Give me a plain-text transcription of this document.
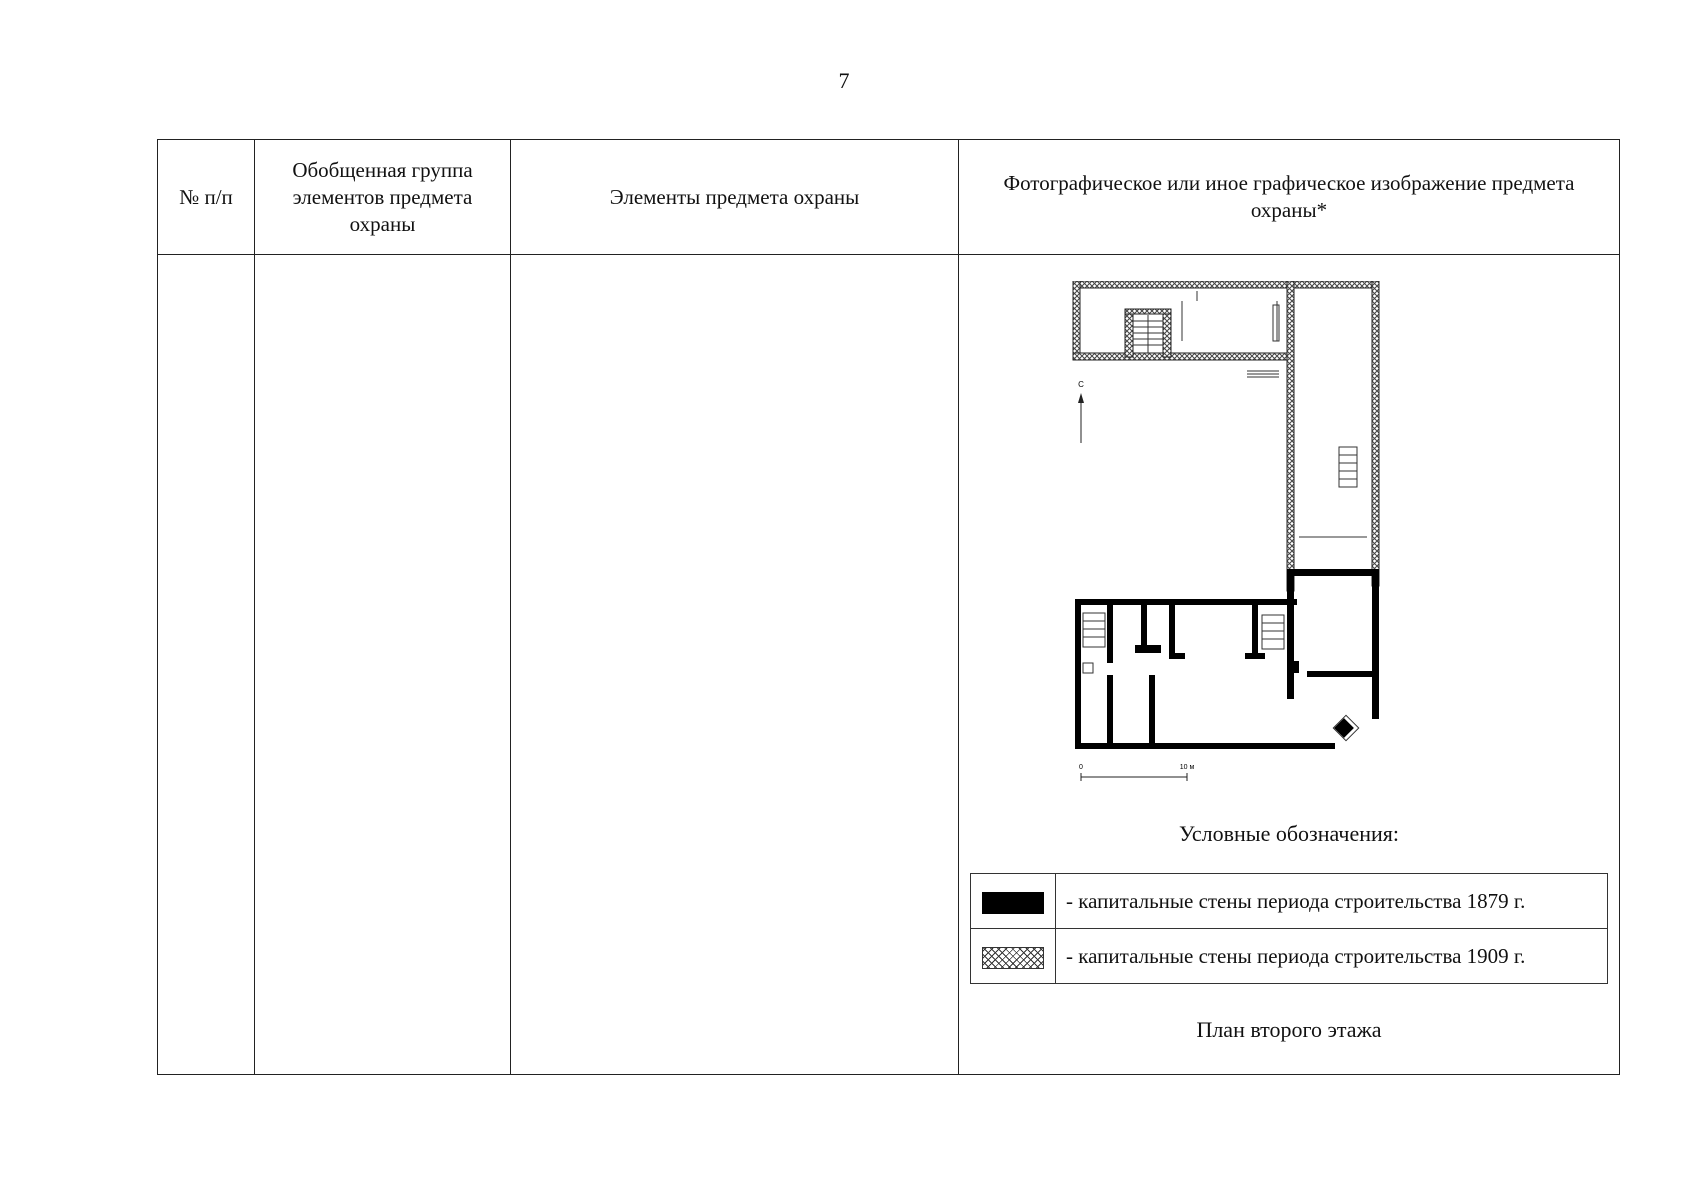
7
№ п/п	Обобщенная группа элементов предмета охраны	Элементы предмета охраны	Фотографическое или иное графическое изображение предмета охраны*

С
0	10 м
Условные обозначения:
	- капитальные стены периода строительства 1879 г.
	- капитальные стены периода строительства 1909 г.
План второго этажа
